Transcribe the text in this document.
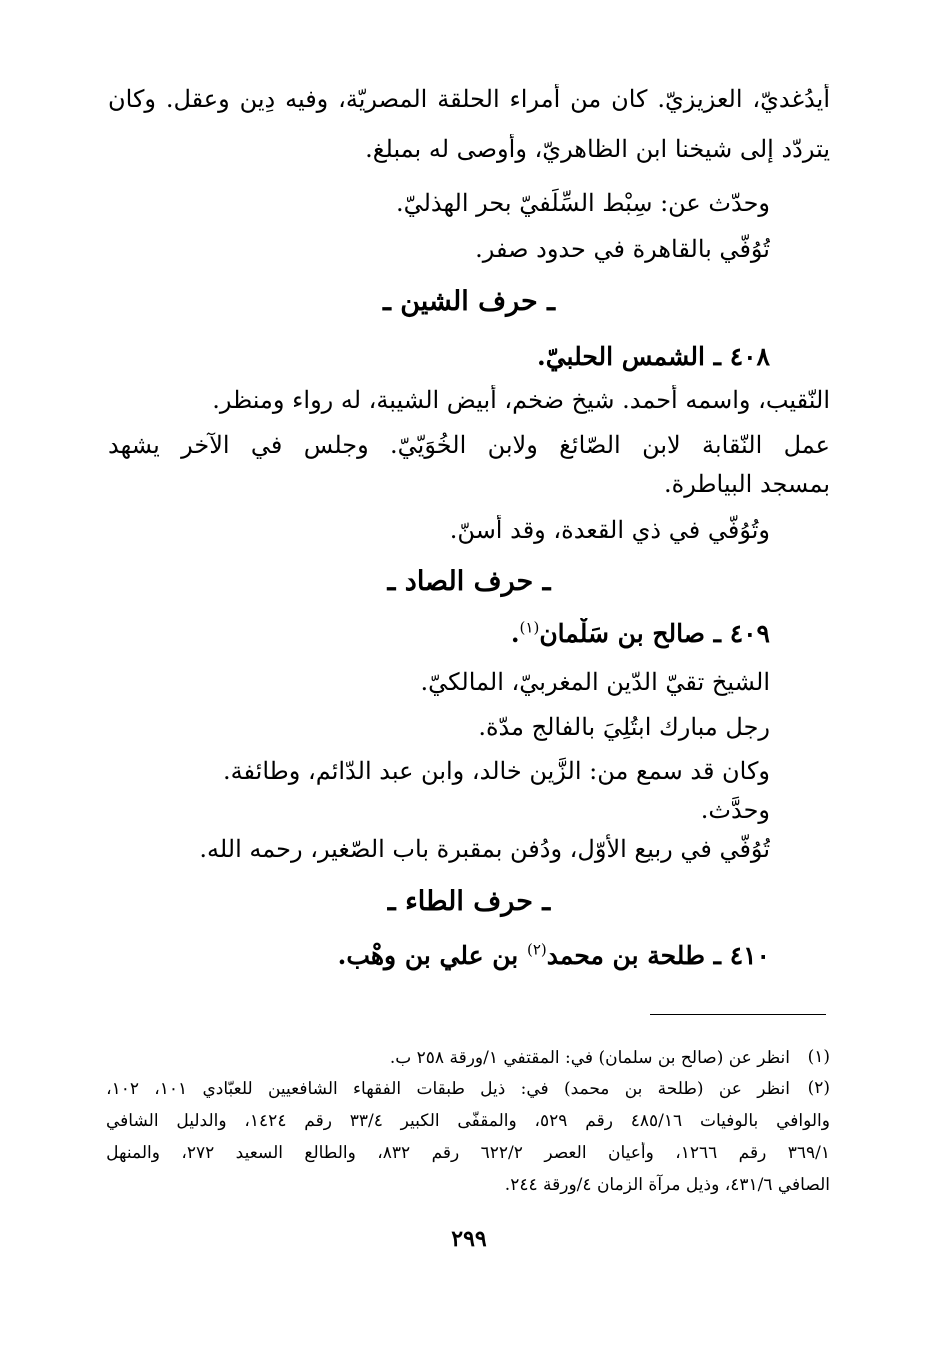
أيدُغديّ،
العزيزيّ.
كان
من
أمراء
الحلقة
المصريّة،
وفيه
دِين
وعقل.
وكان
يتردّد إلى شيخنا ابن الظاهريّ، وأوصى له بمبلغ.
وحدّث عن: سِبْط السِّلَفيّ بحر الهذليّ.
تُوُفّي بالقاهرة في حدود صفر.
ـ حرف الشين ـ
٤٠٨ ـ الشمس الحلبيّ.
النّقيب، واسمه أحمد. شيخ ضخم، أبيض الشيبة، له رواء ومنظر.
عمل
النّقابة
لابن
الصّائغ
ولابن
الخُوَيّيّ.
وجلس
في
الآخر
يشهد
بمسجد البياطرة.
وتُوُفّي في ذي القعدة، وقد أسنّ.
ـ حرف الصاد ـ
٤٠٩ ـ صالح بن سَلْمان$^{(١)}$.
الشيخ تقيّ الدّين المغربيّ، المالكيّ.
رجل مبارك ابتُلِيَ بالفالج مدّة.
وكان قد سمع من: الزَّين خالد، وابن عبد الدّائم، وطائفة.
وحدَّث.
تُوُفّي في ربيع الأوّل، ودُفن بمقبرة باب الصّغير، رحمه الله.
ـ حرف الطاء ـ
٤١٠ ـ طلحة بن محمد$^{(٢)}$ بن علي بن وهْب.
(١)
انظر عن (صالح بن سلمان) في: المقتفي ١/ورقة ٢٥٨ ب.
(٢)
انظر
عن
(طلحة
بن
محمد)
في:
ذيل
طبقات
الفقهاء
الشافعيين
للعبّادي
١٠١،
١٠٢،
والوافي
بالوفيات
٤٨٥/١٦
رقم
٥٢٩،
والمقفّى
الكبير
٣٣/٤
رقم
١٤٢٤،
والدليل
الشافي
٣٦٩/١
رقم
١٢٦٦،
وأعيان
العصر
٦٢٢/٢
رقم
٨٣٢،
والطالع
السعيد
٢٧٢،
والمنهل
الصافي ٤٣١/٦، وذيل مرآة الزمان ٤/ورقة ٢٤٤.
٢٩٩
